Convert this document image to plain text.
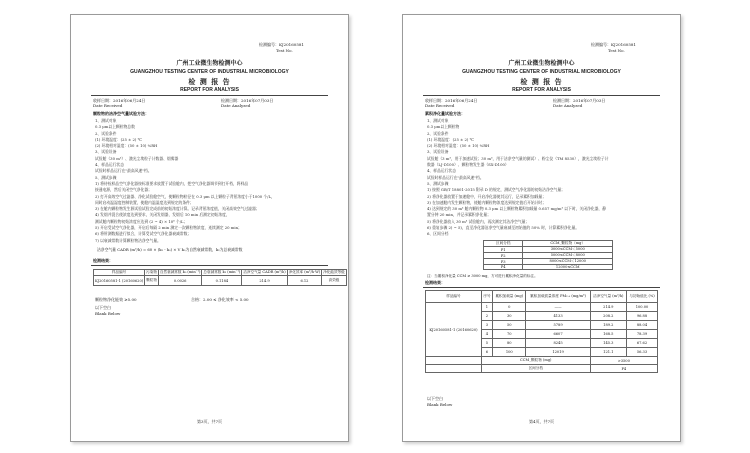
检测编号：KJ20160581
Test No.
广州工业微生物检测中心
GUANGZHOU TESTING CENTER OF INDUSTRIAL MICROBIOLOGY
检 测 报 告
REPORT FOR ANALYSIS
收样日期：2016年06月24日
Date Received
检测日期：2016年07月03日
Date Analyzed
颗粒物的洁净空气量试验方法：
1、测试对象
0.3 μm以上颗粒物总数
2、试验条件
(1) 环境温度：(25 ± 2) ℃
(2) 环境相对湿度：(50 ± 10) %RH
3、试验设备
试验舱（30 m³）、激光尘埃粒子计数器、烟雾器
4、样品运行状态
试验时样品运行在"最高风速"档。
5、测试步骤
1) 将待检样品空气净化器按标准要求放置于试验舱内，把空气净化器调节到打开档，将样品
接通电源，然后关闭空气净化器；
2) 打开高效空气过滤器、净化试验舱空气，使颗粒物粒径在 0.3 μm 以上颗粒子背景浓度小于1000 个/L，
同时启动温湿度控制装置，使舱内温湿度达到规定的条件；
3) 在舱内颗粒物发生源试验试验完成前的初始浓度计算。记录背景浓度值，关闭高效空气过滤器；
4) 发烟并混合使浓度达到要求，关闭发烟器，发烟后 10 min 后测定初始浓度，
测试舱内颗粒物初始浓度应达到 (2 ~ 4) × 10⁶ 个/L；
5) 开启受试空气净化器，开启后每隔 2 min 测定一次颗粒物浓度，连续测定 20 min；
6) 将所测数据进行拟合，计算受试空气净化器衰减常数；
7) 以衰减常数计算颗粒物洁净空气量。
洁净空气量 CADR (m³/h) = 60 × (k₂ - k₀) × V k₀为自然衰减常数，k₂为总衰减常数
检测结果：
样品编号	污染物	自然衰减常数 k₀ (min⁻¹)	总衰减常数 k₂ (min⁻¹)	洁净空气量 CADR (m³/h)	净化效率 (m³/h·W)	净化能效等级
KJ20160581-1 (20160620)	颗粒物	0.0026	0.1184	214.9	6.12	高效级
颗粒物净化能效 ≥5.00	合格：2.00 ≤ 净化效率 < 5.00
以下空白
Blank Below
第3页，共7页
检测编号：KJ20160581
Test No.
广州工业微生物检测中心
GUANGZHOU TESTING CENTER OF INDUSTRIAL MICROBIOLOGY
检 测 报 告
REPORT FOR ANALYSIS
收样日期：2016年06月24日
Date Received
检测日期：2016年07月03日
Date Analyzed
累积净化量试验方法：
1、测试对象
0.3 μm以上颗粒物
2、试验条件
(1) 环境温度：(25 ± 2) ℃
(2) 环境相对湿度：(50 ± 10) %RH
3、试验设备
试验舱（3 m³，用于加速试验；30 m³，用于洁净空气量的测试）、粉尘仪（TM 8530），激光尘埃粒子计
数器（LJ-D100）、颗粒物发生器（SX-D100）
4、样品运行状态
试验时样品运行在"最高风速"档。
5、测试步骤
1) 按照 GB/T 18801-2015 附录 D 的规定，测试空气净化器的初始洁净空气量；
2) 将净化器放置于加速舱中，开启净化器使其运行，记录累积加载量；
3) 在加速舱内发生颗粒物，使舱内颗粒物浓度达到规定值后开始计时；
4) 达到规定的 30 m³ 舱内颗粒物 0.3 μm 以上颗粒物累积加载量 0.657 mg/m³ 以下时，关闭净化器，静
置分钟 20 min，并记录累积净化量；
5) 将净化器放入 30 m³ 试验舱内，再次测定其洁净空气量；
6) 重复步骤 2) ~ 5)，直至净化器洁净空气量衰减至初始值的 50% 时，计算累积净化量。
6、区间分档
区间分档	CCM_颗粒物（mg）
P1	3000≤CCM＜5000
P2	5000≤CCM＜8000
P3	8000≤CCM＜12000
P4	12000≤CCM
注：当累积净化量 CCM ≥ 3000 mg，方可进行累积净化量的标注。
检测结果：
样品编号	序号	累积加载量 (mg)	累积加载质量浓度 PM₂.₅ (mg/m³)	洁净空气量 (m³/h)	与初始值比 (%)
KJ20160581-1 (20160620)	1	0	——	214.9	100.00
	2	30	4133	208.2	96.88
	3	50	5789	189.2	88.04
	4	70	6607	168.5	78.39
	5	80	8245	145.3	67.62
	6	100	12019	121.1	56.33
	CCM_颗粒物 (mg)			>3500	
	区间分档			P4	
以下空白
Blank Below
第4页，共7页
